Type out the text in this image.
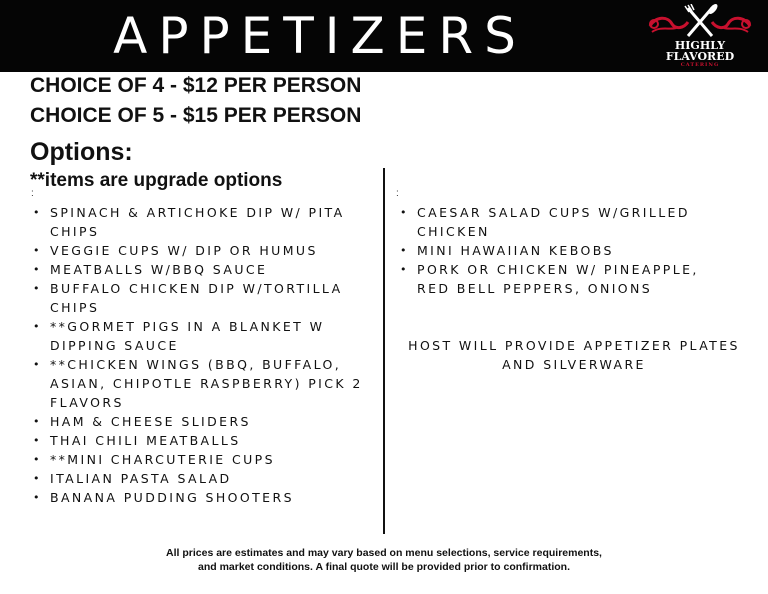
APPETIZERS	HIGHLY
FLAVORED
CATERING
CHOICE OF 4 - $12 PER PERSON
CHOICE OF 5 - $15 PER PERSON
Options:
**items are upgrade options
:	:
• SPINACH & ARTICHOKE DIP W/ PITA CHIPS
• VEGGIE CUPS W/ DIP OR HUMUS
• MEATBALLS W/BBQ SAUCE
• BUFFALO CHICKEN DIP W/TORTILLA CHIPS
• **GORMET PIGS IN A BLANKET W DIPPING SAUCE
• **CHICKEN WINGS (BBQ, BUFFALO, ASIAN, CHIPOTLE RASPBERRY) PICK 2 FLAVORS
• HAM & CHEESE SLIDERS
• THAI CHILI MEATBALLS
• **MINI CHARCUTERIE CUPS
• ITALIAN PASTA SALAD
• BANANA PUDDING SHOOTERS
• CAESAR SALAD CUPS W/GRILLED CHICKEN
• MINI HAWAIIAN KEBOBS
• PORK OR CHICKEN W/ PINEAPPLE, RED BELL PEPPERS, ONIONS
HOST WILL PROVIDE APPETIZER PLATES AND SILVERWARE
All prices are estimates and may vary based on menu selections, service requirements,
and market conditions. A final quote will be provided prior to confirmation.
